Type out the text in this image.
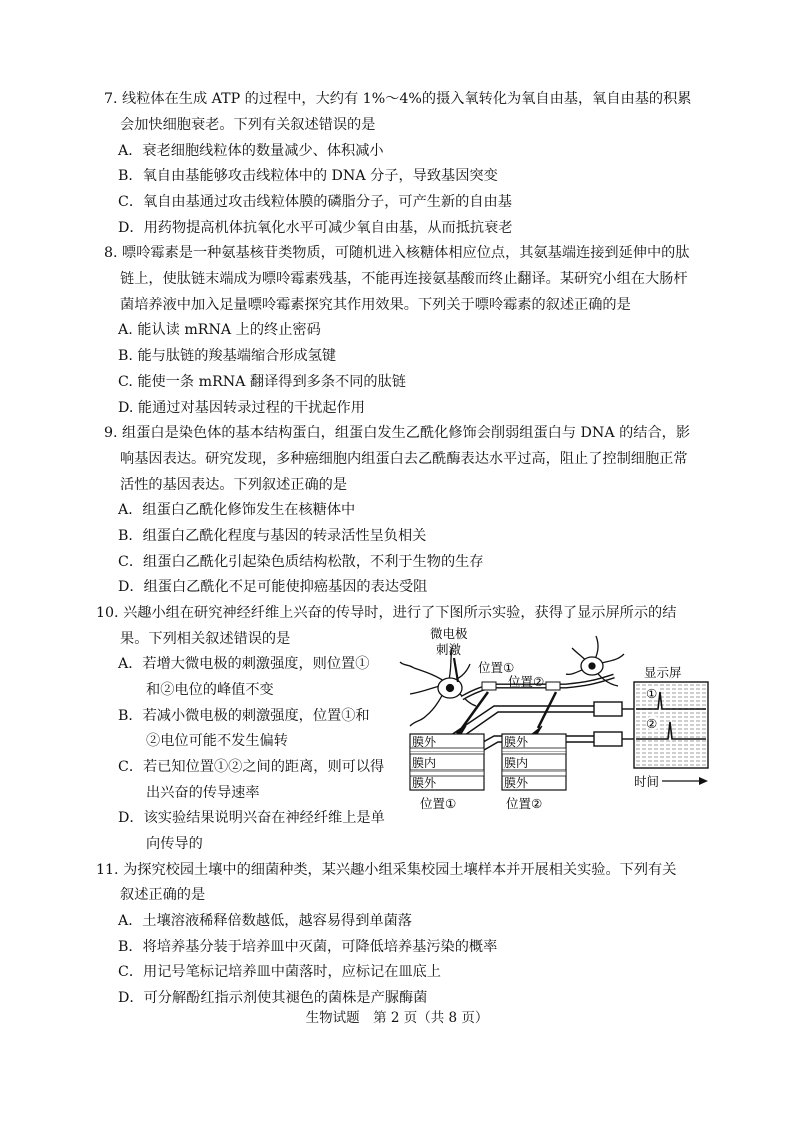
7. 线粒体在生成 ATP 的过程中，大约有 1%～4%的摄入氧转化为氧自由基，氧自由基的积累
会加快细胞衰老。下列有关叙述错误的是
A．衰老细胞线粒体的数量减少、体积减小
B．氧自由基能够攻击线粒体中的 DNA 分子，导致基因突变
C．氧自由基通过攻击线粒体膜的磷脂分子，可产生新的自由基
D．用药物提高机体抗氧化水平可减少氧自由基，从而抵抗衰老
8. 嘌呤霉素是一种氨基核苷类物质，可随机进入核糖体相应位点，其氨基端连接到延伸中的肽
链上，使肽链末端成为嘌呤霉素残基，不能再连接氨基酸而终止翻译。某研究小组在大肠杆
菌培养液中加入足量嘌呤霉素探究其作用效果。下列关于嘌呤霉素的叙述正确的是
A. 能认读 mRNA 上的终止密码
B. 能与肽链的羧基端缩合形成氢键
C. 能使一条 mRNA 翻译得到多条不同的肽链
D. 能通过对基因转录过程的干扰起作用
9. 组蛋白是染色体的基本结构蛋白，组蛋白发生乙酰化修饰会削弱组蛋白与 DNA 的结合，影
响基因表达。研究发现，多种癌细胞内组蛋白去乙酰酶表达水平过高，阻止了控制细胞正常
活性的基因表达。下列叙述正确的是
A．组蛋白乙酰化修饰发生在核糖体中
B．组蛋白乙酰化程度与基因的转录活性呈负相关
C．组蛋白乙酰化引起染色质结构松散，不利于生物的生存
D．组蛋白乙酰化不足可能使抑癌基因的表达受阻
10. 兴趣小组在研究神经纤维上兴奋的传导时，进行了下图所示实验，获得了显示屏所示的结
果。下列相关叙述错误的是
A．若增大微电极的刺激强度，则位置①
和②电位的峰值不变
B．若减小微电极的刺激强度，位置①和
②电位可能不发生偏转
C．若已知位置①②之间的距离，则可以得
出兴奋的传导速率
D．该实验结果说明兴奋在神经纤维上是单
向传导的
微电极
刺激
位置①
位置②
膜外
膜内
膜外
位置①
膜外
膜内
膜外
位置②
显示屏
①
②
时间
11. 为探究校园土壤中的细菌种类，某兴趣小组采集校园土壤样本并开展相关实验。下列有关
叙述正确的是
A．土壤溶液稀释倍数越低，越容易得到单菌落
B．将培养基分装于培养皿中灭菌，可降低培养基污染的概率
C．用记号笔标记培养皿中菌落时，应标记在皿底上
D．可分解酚红指示剂使其褪色的菌株是产脲酶菌
生物试题　第 2 页（共 8 页）
